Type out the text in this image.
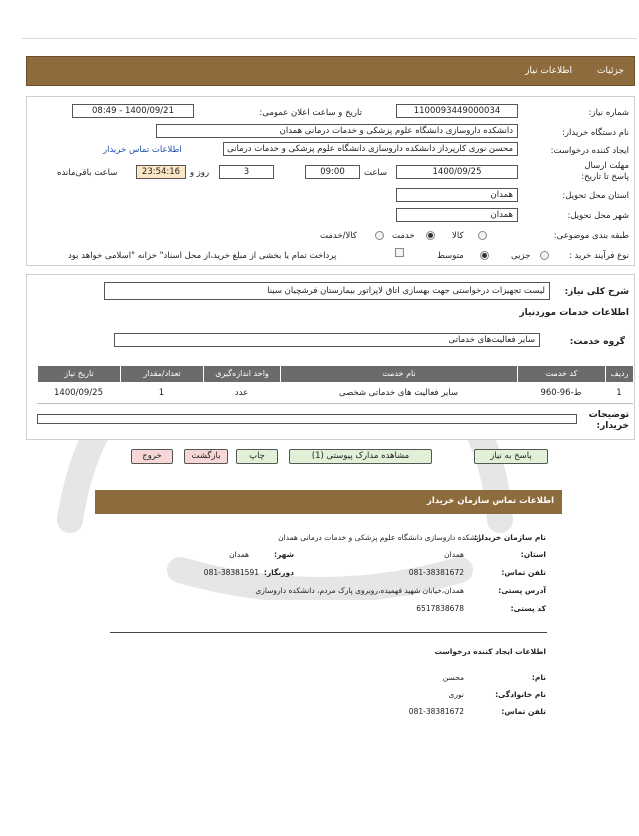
جزئیات
اطلاعات نیاز
شماره نیاز:
1100093449000034
تاریخ و ساعت اعلان عمومی:
1400/09/21 - 08:49
نام دستگاه خریدار:
دانشکده داروسازی دانشگاه علوم پزشکی و خدمات درمانی همدان
ایجاد کننده درخواست:
محسن نوری کارپرداز دانشکده داروسازی دانشگاه علوم پزشکی و خدمات درمانی
اطلاعات تماس خریدار
مهلت ارسال پاسخ تا تاریخ:
1400/09/25
ساعت
09:00
3
روز و
23:54:16
ساعت باقی‌مانده
استان محل تحویل:
همدان
شهر محل تحویل:
همدان
طبقه بندی موضوعی:
کالا
خدمت
کالا/خدمت
نوع فرآیند خرید :
جزیی
متوسط
پرداخت تمام یا بخشی از مبلغ خرید،از محل اسناد" خزانه "اسلامی خواهد بود
شرح کلی نیاز:
لیست تجهیزات درخواستی جهت بهسازی اتاق لاپراتور بیمارستان فرشچیان سینا
اطلاعات خدمات موردنیاز
گروه خدمت:
سایر فعالیت‌های خدماتی
ردیف
کد خدمت
نام خدمت
واحد اندازه‌گیری
تعداد/مقدار
تاریخ نیاز
1
ط-96-960
سایر فعالیت های خدماتی شخصی
عدد
1
1400/09/25
توضیحات خریدار:
پاسخ به نیاز
مشاهده مدارک پیوستی (1)
چاپ
بازگشت
خروج
اطلاعات تماس سازمان خریدار
نام سازمان خریدار:
دانشکده داروسازی دانشگاه علوم پزشکی و خدمات درمانی همدان
استان:
همدان
شهر:
همدان
تلفن تماس:
081-38381672
دورنگار:
081-38381591
آدرس پستی:
همدان،خیابان شهید فهمیده،روبروی پارک مردم، دانشکده داروسازی
کد پستی:
6517838678
اطلاعات ایجاد کننده درخواست
نام:
محسن
نام خانوادگی:
نوری
تلفن تماس:
081-38381672
